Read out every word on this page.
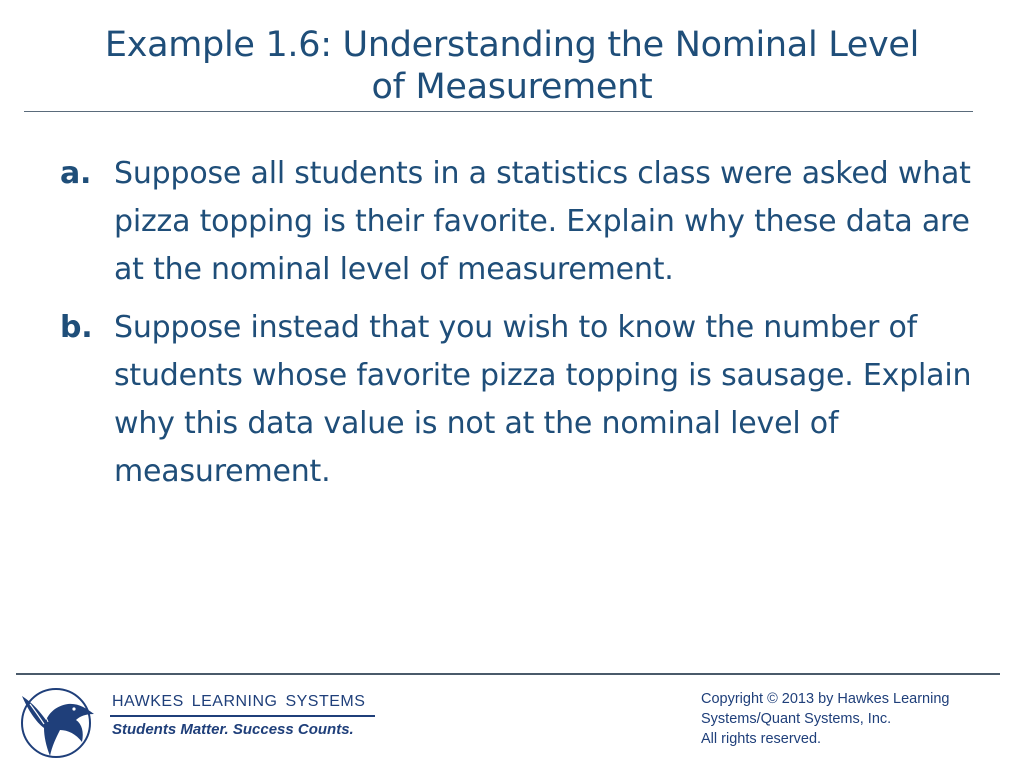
Example 1.6: Understanding the Nominal Level
of Measurement
a. Suppose all students in a statistics class were asked what pizza topping is their favorite. Explain why these data are at the nominal level of measurement.
b. Suppose instead that you wish to know the number of students whose favorite pizza topping is sausage. Explain why this data value is not at the nominal level of measurement.
HAWKES LEARNING SYSTEMS
Students Matter. Success Counts.
Copyright © 2013 by Hawkes Learning
Systems/Quant Systems, Inc.
All rights reserved.
